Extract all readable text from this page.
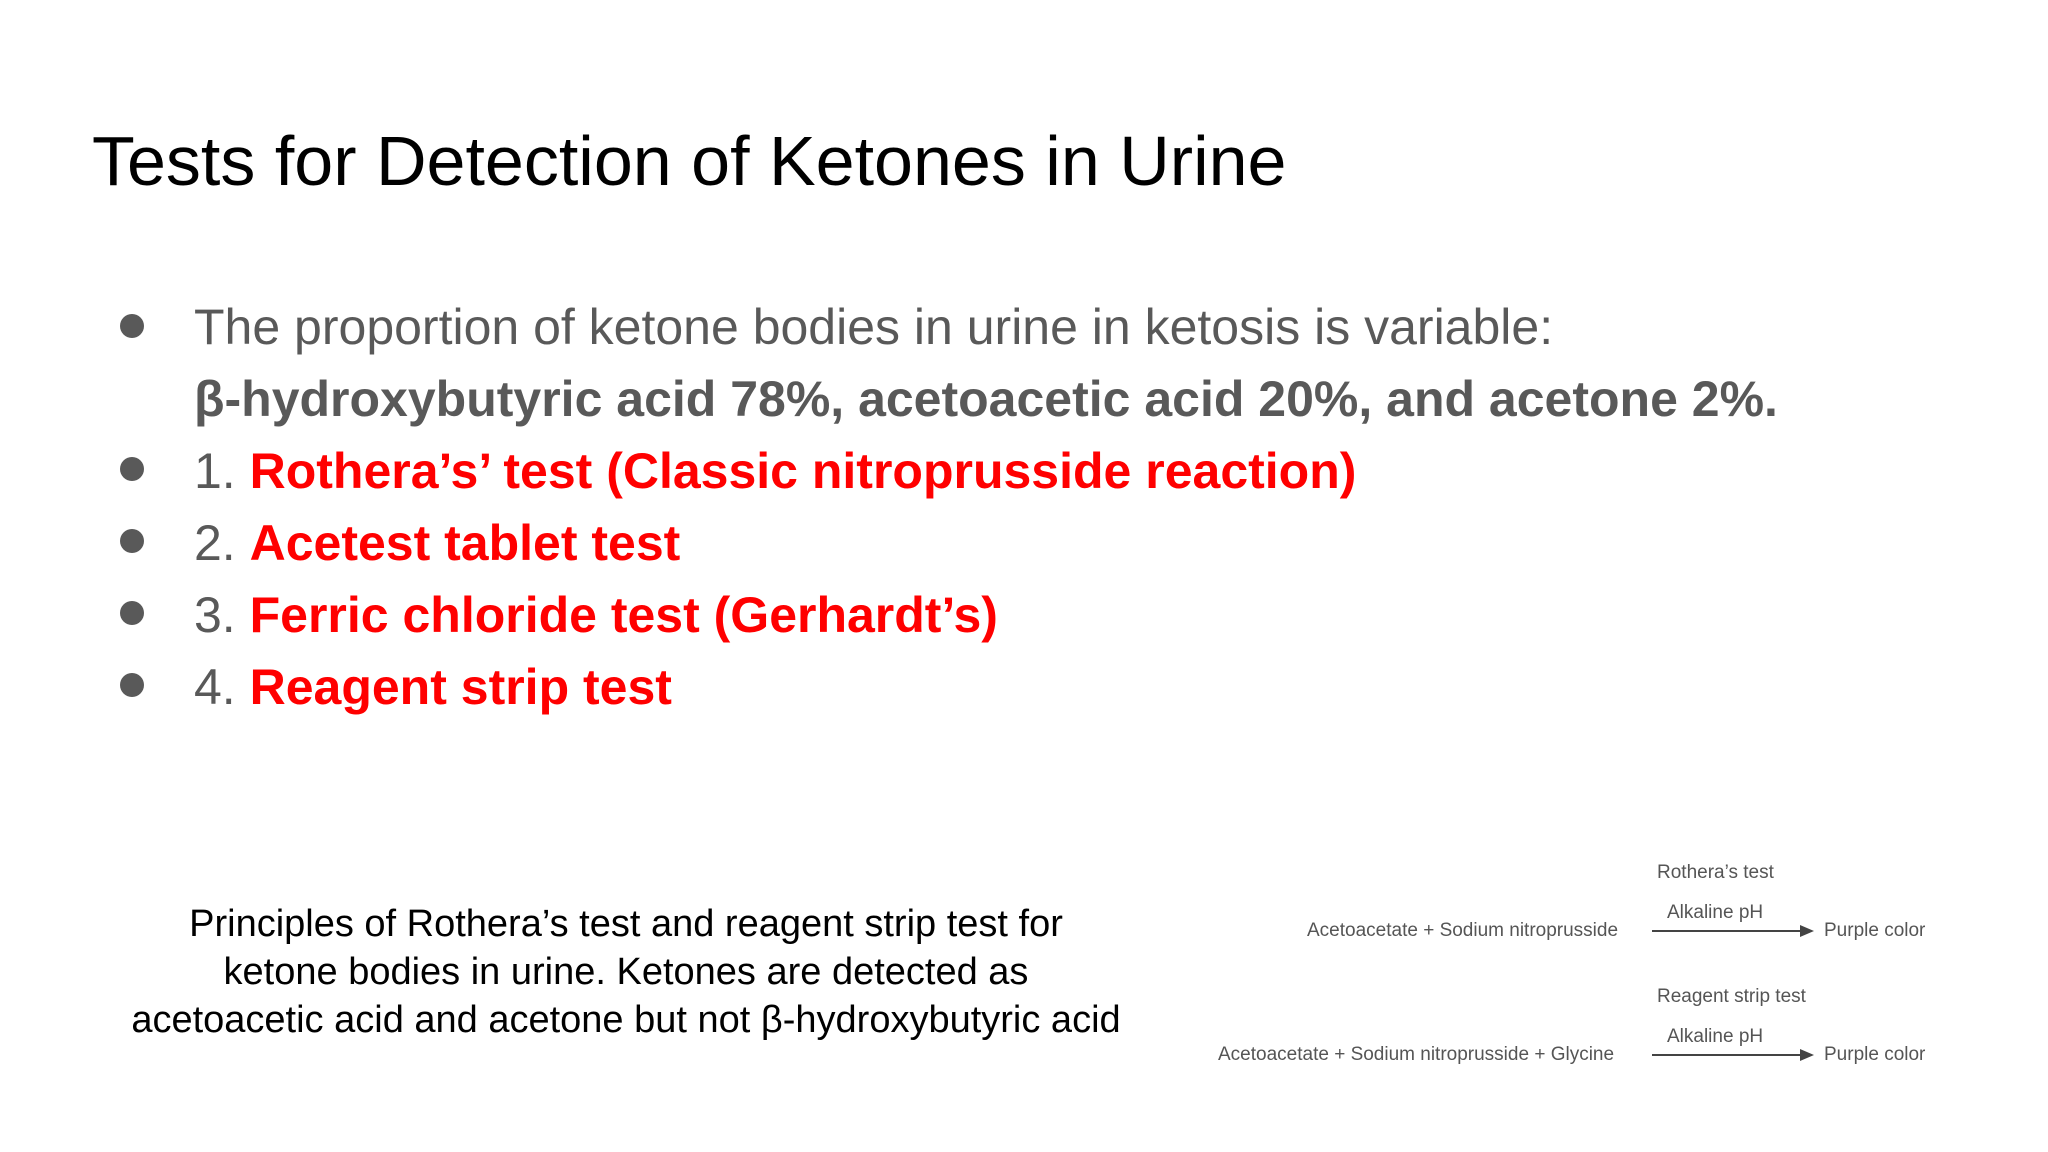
Tests for Detection of Ketones in Urine
The proportion of ketone bodies in urine in ketosis is variable:
β-hydroxybutyric acid 78%, acetoacetic acid 20%, and acetone 2%.
1. Rothera’s’ test (Classic nitroprusside reaction)
2. Acetest tablet test
3. Ferric chloride test (Gerhardt’s)
4. Reagent strip test
Principles of Rothera’s test and reagent strip test for ketone bodies in urine. Ketones are detected as acetoacetic acid and acetone but not β-hydroxybutyric acid
Rothera’s test
Alkaline pH
Acetoacetate + Sodium nitroprusside	Purple color
Reagent strip test
Alkaline pH
Acetoacetate + Sodium nitroprusside + Glycine	Purple color
